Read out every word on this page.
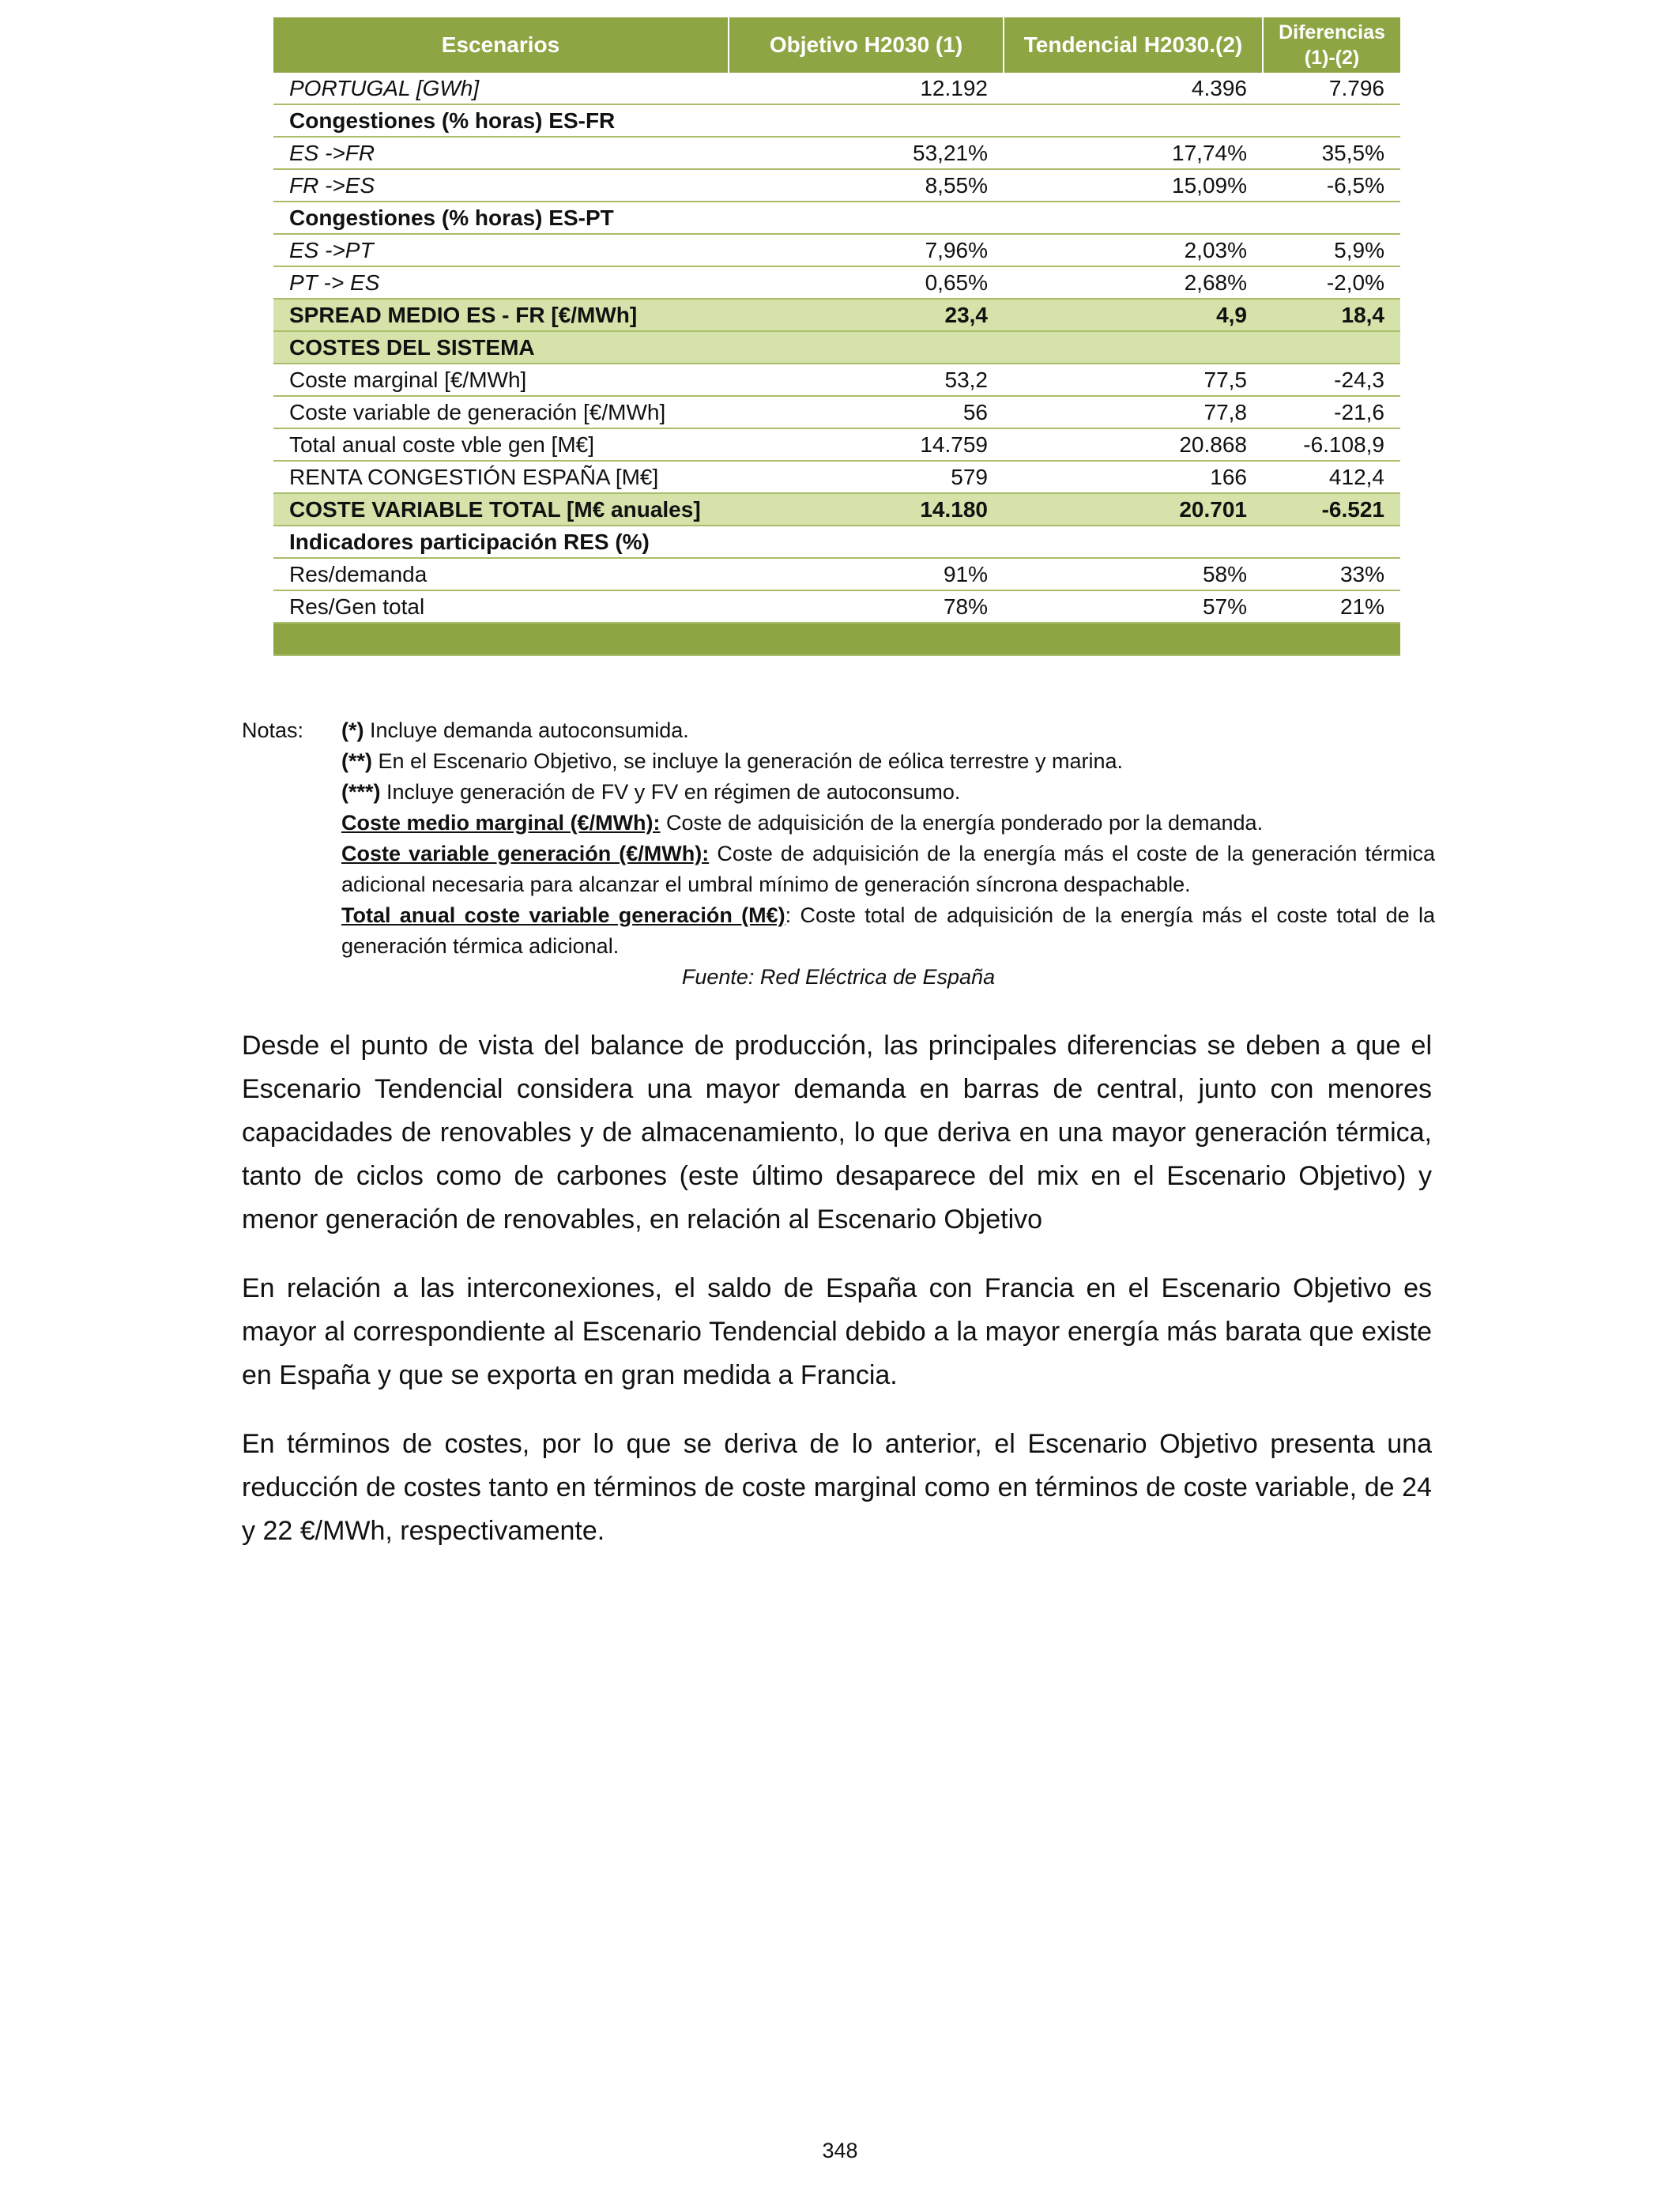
Escenarios	Objetivo H2030 (1)	Tendencial H2030.(2)	Diferencias (1)-(2)
PORTUGAL [GWh]	12.192	4.396	7.796
Congestiones (% horas) ES-FR			
ES ->FR	53,21%	17,74%	35,5%
FR ->ES	8,55%	15,09%	-6,5%
Congestiones (% horas) ES-PT			
ES ->PT	7,96%	2,03%	5,9%
PT -> ES	0,65%	2,68%	-2,0%
SPREAD MEDIO ES - FR [€/MWh]	23,4	4,9	18,4
COSTES DEL SISTEMA			
Coste marginal [€/MWh]	53,2	77,5	-24,3
Coste variable de generación [€/MWh]	56	77,8	-21,6
Total anual coste vble gen [M€]	14.759	20.868	-6.108,9
RENTA CONGESTIÓN ESPAÑA [M€]	579	166	412,4
COSTE VARIABLE TOTAL [M€ anuales]	14.180	20.701	-6.521
Indicadores participación RES (%)			
Res/demanda	91%	58%	33%
Res/Gen total	78%	57%	21%

Notas: (*) Incluye demanda autoconsumida.
(**) En el Escenario Objetivo, se incluye la generación de eólica terrestre y marina.
(***) Incluye generación de FV y FV en régimen de autoconsumo.
Coste medio marginal (€/MWh): Coste de adquisición de la energía ponderado por la demanda.
Coste variable generación (€/MWh): Coste de adquisición de la energía más el coste de la generación térmica adicional necesaria para alcanzar el umbral mínimo de generación síncrona despachable.
Total anual coste variable generación (M€): Coste total de adquisición de la energía más el coste total de la generación térmica adicional.
Fuente: Red Eléctrica de España

Desde el punto de vista del balance de producción, las principales diferencias se deben a que el Escenario Tendencial considera una mayor demanda en barras de central, junto con menores capacidades de renovables y de almacenamiento, lo que deriva en una mayor generación térmica, tanto de ciclos como de carbones (este último desaparece del mix en el Escenario Objetivo) y menor generación de renovables, en relación al Escenario Objetivo

En relación a las interconexiones, el saldo de España con Francia en el Escenario Objetivo es mayor al correspondiente al Escenario Tendencial debido a la mayor energía más barata que existe en España y que se exporta en gran medida a Francia.

En términos de costes, por lo que se deriva de lo anterior, el Escenario Objetivo presenta una reducción de costes tanto en términos de coste marginal como en términos de coste variable, de 24 y 22 €/MWh, respectivamente.

348
